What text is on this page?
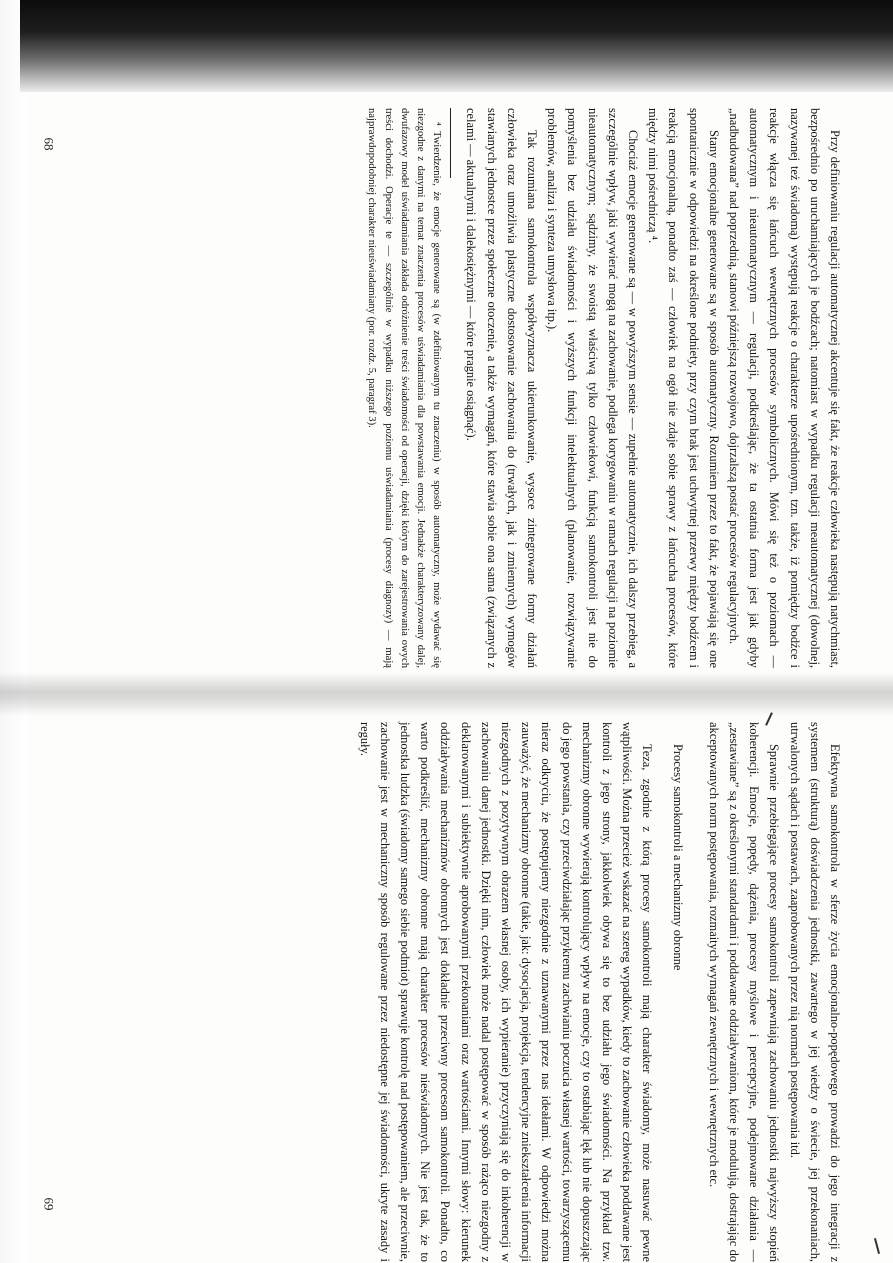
Przy definiowaniu regulacji automatycznej akcentuje się fakt, że reakcje człowieka następują natychmiast, bezpośrednio po uruchamiających je bodźcach; natomiast w wypadku regulacji meautomatycznej (dowolnej, nazywanej też świadomą) występują reakcje o charakterze upośrednionym, tzn. także, iż pomiędzy bodźce i reakcje włącza się łańcuch wewnętrznych procesów symbolicznych. Mówi się też o poziomach — automatycznym i nieautomatycznym — regulacji, podkreślając, że ta ostatnia forma jest jak gdyby „nadbudowana” nad poprzednią, stanowi późniejszą rozwojowo, dojrzalszą postać procesów regulacyjnych.

Stany emocjonalne generowane są w sposób automatyczny. Rozumiem przez to fakt, że pojawiają się one spontanicznie w odpowiedzi na określone podniety, przy czym brak jest uchwytnej przerwy między bodźcem i reakcją emocjonalną, ponadto zaś — człowiek na ogół nie zdaje sobie sprawy z łańcucha procesów, które między nimi pośredniczą ⁴.

Chociaż emocje generowane są — w powyższym sensie — zupełnie automatycznie, ich dalszy przebieg, a szczególnie wpływ, jaki wywierać mogą na zachowanie, podlega korygowaniu w ramach regulacji na poziomie nieautomatycznym; sądzimy, że swoistą właściwą tylko człowiekowi, funkcją samokontroli jest nie do pomyślenia bez udziału świadomości i wyższych funkcji intelektualnych (planowanie, rozwiązywanie problemów, analiza i synteza umysłowa itp.).

Tak rozumiana samokontrola współwyznacza ukierunkowanie, wysoce zintegrowane formy działań człowieka oraz umożliwia plastyczne dostosowanie zachowania do (trwałych, jak i zmiennych) wymogów stawianych jednostce przez społeczne otoczenie, a także wymagań, które stawia sobie ona sama (związanych z celami — aktualnymi i dalekosiężnymi — które pragnie osiągnąć).

⁴ Twierdzenie, że emocje generowane są (w zdefiniowanym tu znaczeniu) w sposób automatyczny, może wydawać się niezgodne z danymi na temat znaczenia procesów uświadamiania dla powstawania emocji. Jednakże charakteryzowany dalej, dwufazowy model uświadamiania zakłada odróżnienie treści świadomości od operacji, dzięki którym do zarejestrowania owych treści dochodzi. Operacje te — szczególnie w wypadku niższego poziomu uświadamiania (procesy diagnozy) — mają najprawdopodobniej charakter nieuświadamiany (por. rozdz. 5, paragraf 3).

68

Efektywna samokontrola w sferze życia emocjonalno-popędowego prowadzi do jego integracji z systemem (strukturą) doświadczenia jednostki, zawartego w jej wiedzy o świecie, jej przekonaniach, utrwalonych sądach i postawach, zaaprobowanych przez nią normach postępowania itd.

Sprawnie przebiegające procesy samokontroli zapewniają zachowaniu jednostki najwyższy stopień koherencji. Emocje, popędy, dążenia, procesy myślowe i percepcyjne, podejmowane działania — „zestawiane” są z określonymi standardami i poddawane oddziaływaniom, które je modulują, dostrajając do akceptowanych norm postępowania, rozmaitych wymagań zewnętrznych i wewnętrznych etc.

Procesy samokontroli a mechanizmy obronne

Teza, zgodnie z którą procesy samokontroli mają charakter świadomy, może nasuwać pewne wątpliwości. Można przecież wskazać na szereg wypadków, kiedy to zachowanie człowieka poddawane jest kontroli z jego strony, jakkolwiek obywa się to bez udziału jego świadomości. Na przykład tzw. mechanizmy obronne wywierają kontrolujący wpływ na emocje, czy to ostabiając lęk lub nie dopuszczając do jego powstania, czy przeciwdziałając przykremu zachwianiu poczucia własnej wartości, towarzyszącemu nieraz odkryciu, że postępujemy niezgodnie z uznawanymi przez nas ideałami. W odpowiedzi można zauważyć, że mechanizmy obronne (takie, jak: dysocjacja, projekcja, tendencyjne zniekształcenia informacji niezgodnych z pozytywnym obrazem własnej osoby, ich wypieranie) przyczyniają się do inkoherencji w zachowaniu danej jednostki. Dzięki nim, człowiek może nadal postępować w sposób rażąco niezgodny z deklarowanymi i subiektywnie aprobowanymi przekonaniami oraz wartościami. Innymi słowy: kierunek oddziaływania mechanizmów obronnych jest dokładnie przeciwny procesom samokontroli. Ponadto, co warto podkreślić, mechanizmy obronne mają charakter procesów nieświadomych. Nie jest tak, że to jednostka ludzka (świadomy samego siebie podmiot) sprawuje kontrolę nad postępowaniem, ale przeciwnie, zachowanie jest w mechaniczny sposób regulowane przez niedostępne jej świadomości, ukryte zasady i reguły.

69
